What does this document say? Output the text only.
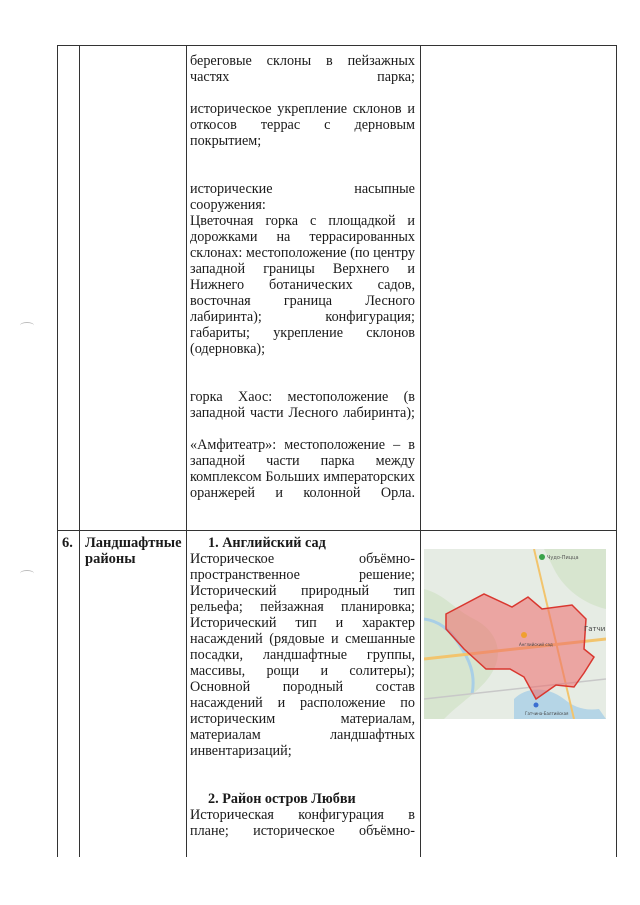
береговые склоны в пейзажных частях парка;

историческое укрепление склонов и откосов террас с дерновым покрытием;

исторические насыпные сооружения:

Цветочная горка с площадкой и дорожками на террасированных склонах: местоположение (по центру западной границы Верхнего и Нижнего ботанических садов, восточная граница Лесного лабиринта); конфигурация; габариты; укрепление склонов (одерновка);

горка Хаос: местоположение (в западной части Лесного лабиринта);

«Амфитеатр»: местоположение – в западной части парка между комплексом Больших императорских оранжерей и колонной Орла.

6. Ландшафтные районы

1. Английский сад

Историческое объёмно-пространственное решение;

Исторический природный тип рельефа; пейзажная планировка;

Исторический тип и характер насаждений (рядовые и смешанные посадки, ландшафтные группы, массивы, рощи и солитеры);

Основной породный состав насаждений и расположение по историческим материалам, материалам ландшафтных инвентаризаций;

2. Район остров Любви

Историческая конфигурация в плане; историческое объёмно-

Чудо-Пицца
Гатчи
Английский сад
Гатчина-Балтийская
